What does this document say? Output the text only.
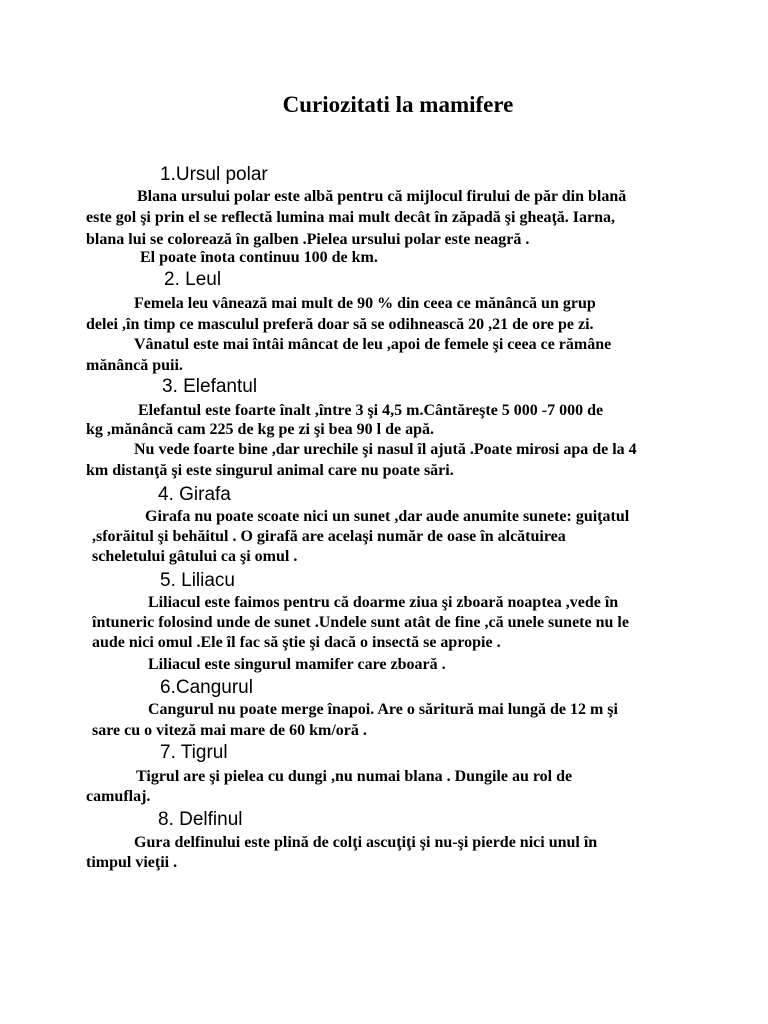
Curiozitati la mamifere
1.Ursul polar
Blana ursului polar este albă pentru că mijlocul firului de păr din blană
este gol şi prin el se reflectă lumina mai mult decât în zăpadă şi gheaţă. Iarna,
blana lui se colorează în galben .Pielea ursului polar este neagră .
El poate înota continuu 100 de km.
2. Leul
Femela leu vânează mai mult de 90 % din ceea ce mănâncă un grup
delei ,în timp ce masculul preferă doar să se odihnească 20 ,21 de ore pe zi.
Vânatul este mai întâi mâncat de leu ,apoi de femele şi ceea ce rămâne
mănâncă puii.
3. Elefantul
Elefantul este foarte înalt ,între 3 şi 4,5 m.Cântăreşte 5 000 -7 000 de
kg ,mănâncă cam 225 de kg pe zi şi bea 90 l de apă.
Nu vede foarte bine ,dar urechile şi nasul îl ajută .Poate mirosi apa de la 4
km distanţă şi este singurul animal care nu poate sări.
4. Girafa
Girafa nu poate scoate nici un sunet ,dar aude anumite sunete: guiţatul
,sforăitul şi behăitul . O girafă are acelaşi număr de oase în alcătuirea
scheletului gâtului ca şi omul .
5. Liliacu
Liliacul este faimos pentru că doarme ziua şi zboară noaptea ,vede în
întuneric folosind unde de sunet .Undele sunt atât de fine ,că unele sunete nu le
aude nici omul .Ele îl fac să ştie şi dacă o insectă se apropie .
Liliacul este singurul mamifer care zboară .
6.Cangurul
Cangurul nu poate merge înapoi. Are o săritură mai lungă de 12 m şi
sare cu o viteză mai mare de 60 km/oră .
7. Tigrul
Tigrul are şi pielea cu dungi ,nu numai blana . Dungile au rol de
camuflaj.
8. Delfinul
Gura delfinului este plină de colţi ascuţiţi şi nu-şi pierde nici unul în
timpul vieţii .
